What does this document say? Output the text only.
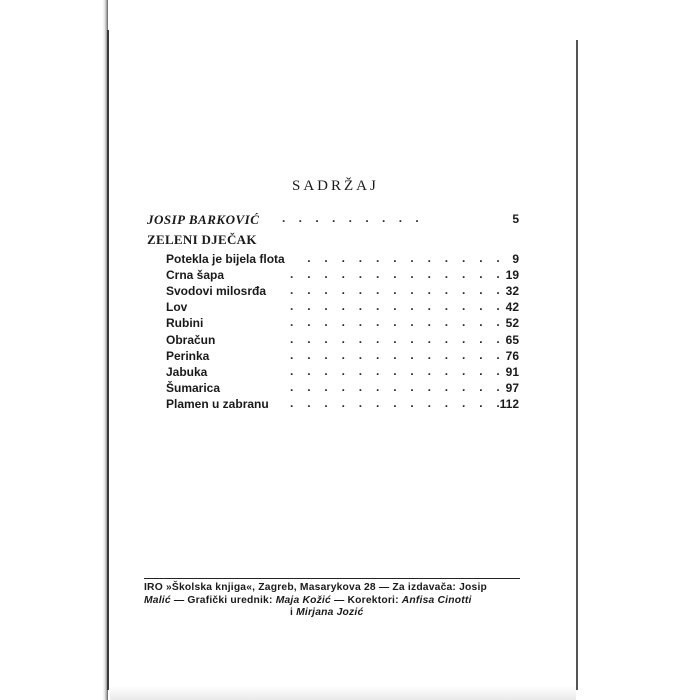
SADRŽAJ
JOSIP BARKOVIĆ .    .    .    .    .    .    .    .    .	5
ZELENI DJEČAK
Potekla je bijela flota . . . . . . . . . . . . 9
Crna šapa	. . . . . . . . . . . . . 19
Svodovi milosrđa . . . . . . . . . . . . . 32
Lov	. . . . . . . . . . . . . 42
Rubini	. . . . . . . . . . . . . 52
Obračun	. . . . . . . . . . . . . 65
Perinka	. . . . . . . . . . . . . 76
Jabuka	. . . . . . . . . . . . . 91
Šumarica	. . . . . . . . . . . . . 97
Plamen u zabranu . . . . . . . . . . . . . 112
IRO »Školska knjiga«, Zagreb, Masarykova 28 — Za izdavača: Josip
Malić — Grafički urednik: Maja Kožić — Korektori: Anfisa Cinotti
i Mirjana Jozić
